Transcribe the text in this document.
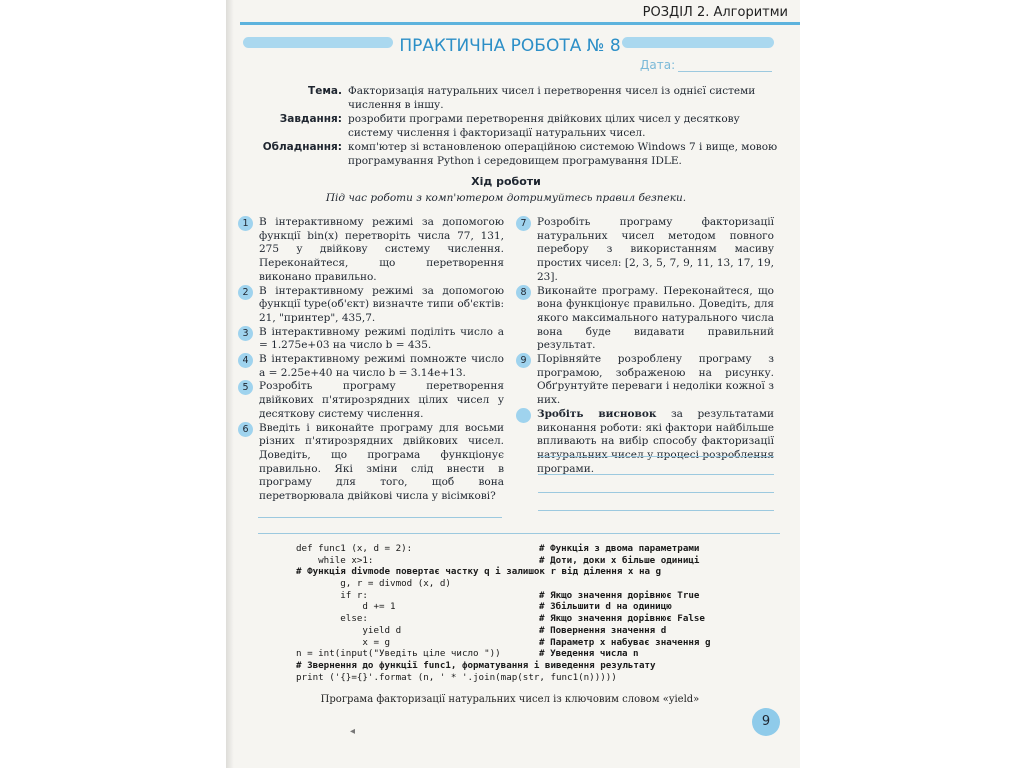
РОЗДІЛ 2. Алгоритми
ПРАКТИЧНА РОБОТА № 8
Дата:
Тема. Факторизація натуральних чисел і перетворення чисел із однієї системи числення в іншу.
Завдання: розробити програми перетворення двійкових цілих чисел у десяткову систему числення і факторизації натуральних чисел.
Обладнання: комп'ютер зі встановленою операційною системою Windows 7 і вище, мовою програмування Python і середовищем програмування IDLE.
Хід роботи
Під час роботи з комп'ютером дотримуйтесь правил безпеки.
1 В інтерактивному режимі за допомогою функції bin(x) перетворіть числа 77, 131, 275 у двійкову систему числення. Переконайтеся, що перетворення виконано правильно.
2 В інтерактивному режимі за допомогою функції type(об'єкт) визначте типи об'єктів: 21, "принтер", 435,7.
3 В інтерактивному режимі поділіть число a = 1.275e+03 на число b = 435.
4 В інтерактивному режимі помножте число a = 2.25e+40 на число b = 3.14e+13.
5 Розробіть програму перетворення двійкових п'ятирозрядних цілих чисел у десяткову систему числення.
6 Введіть і виконайте програму для восьми різних п'ятирозрядних двійкових чисел. Доведіть, що програма функціонує правильно. Які зміни слід внести в програму для того, щоб вона перетворювала двійкові числа у вісімкові?
7 Розробіть програму факторизації натуральних чисел методом повного перебору з використанням масиву простих чисел: [2, 3, 5, 7, 9, 11, 13, 17, 19, 23].
8 Виконайте програму. Переконайтеся, що вона функціонує правильно. Доведіть, для якого максимального натурального числа вона буде видавати правильний результат.
9 Порівняйте розроблену програму з програмою, зображеною на рисунку. Обґрунтуйте переваги і недоліки кожної з них.
Зробіть висновок за результатами виконання роботи: які фактори найбільше впливають на вибір способу факторизації натуральних чисел у процесі розроблення програми.
def func1 (x, d = 2):	# Функція з двома параметрами
while x>1:	# Доти, доки x більше одиниці
# Функція divmode повертає частку q і залишок r від ділення x на g
g, r = divmod (x, d)
if r:	# Якщо значення дорівнює True
d += 1	# Збільшити d на одиницю
else:	# Якщо значення дорівнює False
yield d	# Повернення значення d
x = g	# Параметр x набуває значення g
n = int(input("Уведіть ціле число "))	# Уведення числа n
# Звернення до функції func1, форматування і виведення результату
print ('{}={}'.format (n, ' * '.join(map(str, func1(n)))))
Програма факторизації натуральних чисел із ключовим словом «yield»
9
◂
